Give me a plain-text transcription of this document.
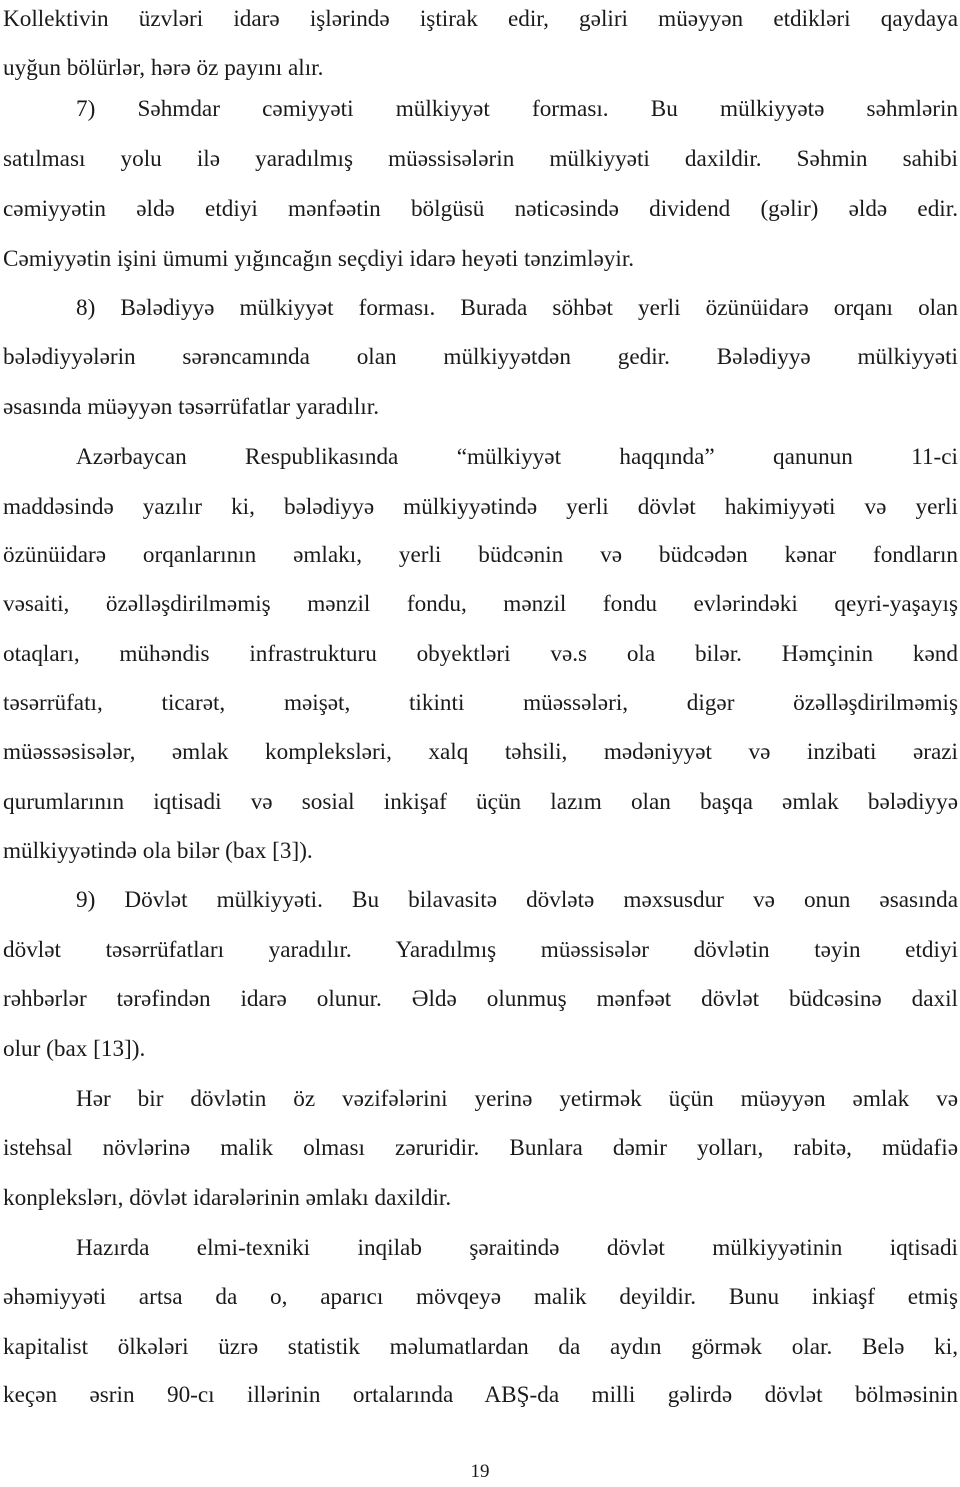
Kollektivin üzvləri idarə işlərində iştirak edir, gəliri müəyyən etdikləri qaydaya
uyğun bölürlər, hərə öz payını alır.
7) Səhmdar cəmiyyəti mülkiyyət forması. Bu mülkiyyətə səhmlərin
satılması yolu ilə yaradılmış müəssisələrin mülkiyyəti daxildir. Səhmin sahibi
cəmiyyətin əldə etdiyi mənfəətin bölgüsü nəticəsində dividend (gəlir) əldə edir.
Cəmiyyətin işini ümumi yığıncağın seçdiyi idarə heyəti tənzimləyir.
8) Bələdiyyə mülkiyyət forması. Burada söhbət yerli özünüidarə orqanı olan
bələdiyyələrin sərəncamında olan mülkiyyətdən gedir. Bələdiyyə mülkiyyəti
əsasında müəyyən təsərrüfatlar yaradılır.
Azərbaycan Respublikasında “mülkiyyət haqqında” qanunun 11-ci
maddəsində yazılır ki, bələdiyyə mülkiyyətində yerli dövlət hakimiyyəti və yerli
özünüidarə orqanlarının əmlakı, yerli büdcənin və büdcədən kənar fondların
vəsaiti, özəlləşdirilməmiş mənzil fondu, mənzil fondu evlərindəki qeyri-yaşayış
otaqları, mühəndis infrastrukturu obyektləri və.s ola bilər. Həmçinin kənd
təsərrüfatı, ticarət, məişət, tikinti müəssələri, digər özəlləşdirilməmiş
müəssəsisələr, əmlak kompleksləri, xalq təhsili, mədəniyyət və inzibati ərazi
qurumlarının iqtisadi və sosial inkişaf üçün lazım olan başqa əmlak bələdiyyə
mülkiyyətində ola bilər (bax [3]).
9) Dövlət mülkiyyəti. Bu bilavasitə dövlətə məxsusdur və onun əsasında
dövlət təsərrüfatları yaradılır. Yaradılmış müəssisələr dövlətin təyin etdiyi
rəhbərlər tərəfindən idarə olunur. Əldə olunmuş mənfəət dövlət büdcəsinə daxil
olur (bax [13]).
Hər bir dövlətin öz vəzifələrini yerinə yetirmək üçün müəyyən əmlak və
istehsal növlərinə malik olması zəruridir. Bunlara dəmir yolları, rabitə, müdafiə
konplekslərı, dövlət idarələrinin əmlakı daxildir.
Hazırda elmi-texniki inqilab şəraitində dövlət mülkiyyətinin iqtisadi
əhəmiyyəti artsa da o, aparıcı mövqeyə malik deyildir. Bunu inkiaşf etmiş
kapitalist ölkələri üzrə statistik məlumatlardan da aydın görmək olar. Belə ki,
keçən əsrin 90-cı illərinin ortalarında ABŞ-da milli gəlirdə dövlət bölməsinin
19
